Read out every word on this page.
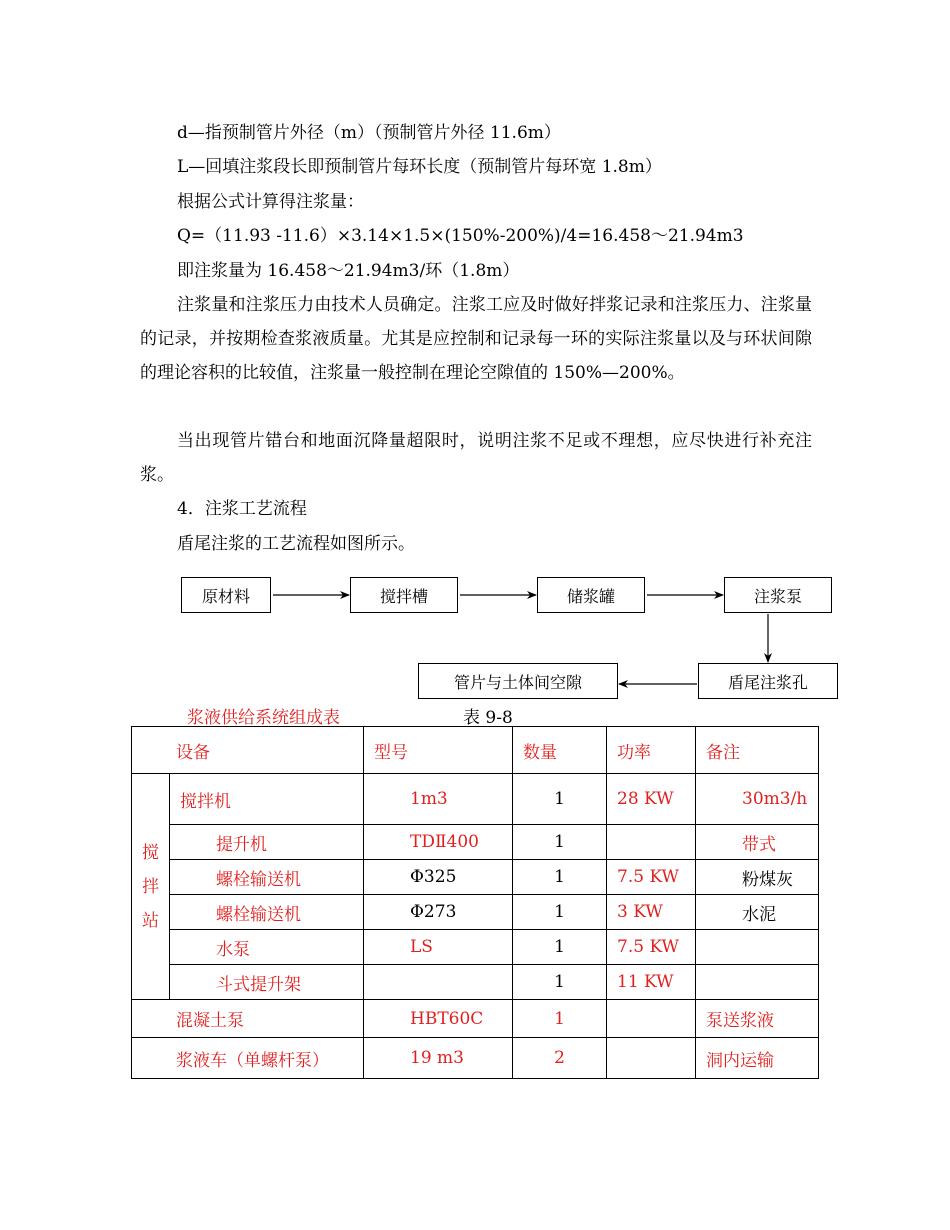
d—指预制管片外径（m）（预制管片外径 11.6m）
L—回填注浆段长即预制管片每环长度（预制管片每环宽 1.8m）
根据公式计算得注浆量：
Q=（11.93 -11.6）×3.14×1.5×(150%-200%)/4=16.458～21.94m3
即注浆量为 16.458～21.94m3/环（1.8m）
注浆量和注浆压力由技术人员确定。注浆工应及时做好拌浆记录和注浆压力、注浆量的记录，并按期检查浆液质量。尤其是应控制和记录每一环的实际注浆量以及与环状间隙的理论容积的比较值，注浆量一般控制在理论空隙值的 150%—200%。
当出现管片错台和地面沉降量超限时，说明注浆不足或不理想，应尽快进行补充注浆。
4．注浆工艺流程
盾尾注浆的工艺流程如图所示。
原材料	搅拌槽	储浆罐	注浆泵
盾尾注浆孔
管片与土体间空隙
浆液供给系统组成表	表 9-8
设备		型号	数量	功率	备注

搅
拌
站	搅拌机	1m3	1	28 KW	30m3/h
	提升机	TDⅡ400	1		带式
	螺栓输送机	Φ325	1	7.5 KW	粉煤灰
	螺栓输送机	Φ273	1	3 KW	水泥
	水泵	LS	1	7.5 KW	
	斗式提升架		1	11 KW	
混凝土泵		HBT60C	1		泵送浆液
浆液车（单螺杆泵）		19 m3	2		洞内运输
